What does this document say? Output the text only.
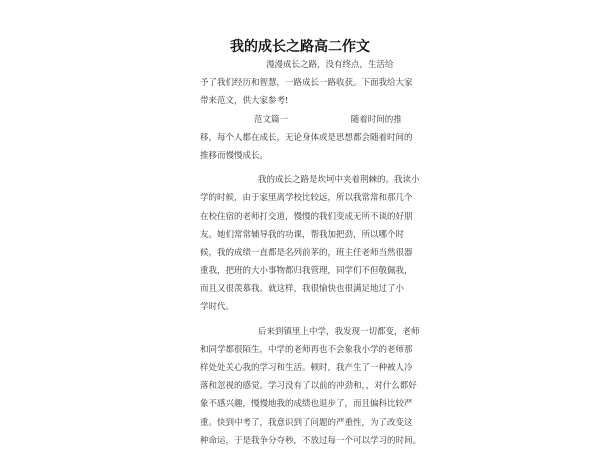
我的成长之路高二作文
漫漫成长之路，没有终点，生活给
予了我们经历和智慧，一路成长一路收获。下面我给大家
带来范文，供大家参考!
范文篇一	随着时间的推
移，每个人都在成长，无论身体或是思想都会随着时间的
推移而慢慢成长。
我的成长之路是坎坷中夹着荆棘的。我读小
学的时候，由于家里离学校比较远，所以我常常和那几个
在校住宿的老师打交道，慢慢的我们变成无所不谈的好朋
友。她们常常辅导我的功课，帮我加把劲，所以哪个时
候，我的成绩一直都是名列前茅的，班主任老师当然很器
重我，把班的大小事物都归我管理，同学们不但敬佩我，
而且又很羡慕我。就这样，我很愉快也很满足地过了小
学时代。
后来到镇里上中学，我发现一切都变，老师
和同学都很陌生，中学的老师再也不会象我小学的老师那
样处处关心我的学习和生活。顿时，我产生了一种被人冷
落和忽视的感觉。学习没有了以前的冲劲和，，对什么都好
象不感兴趣，慢慢地我的成绩也退步了，而且偏科比较严
重。快到中考了，我意识到了问题的严重性，为了改变这
种命运，于是我争分夺秒，不放过每一个可以学习的时间。
